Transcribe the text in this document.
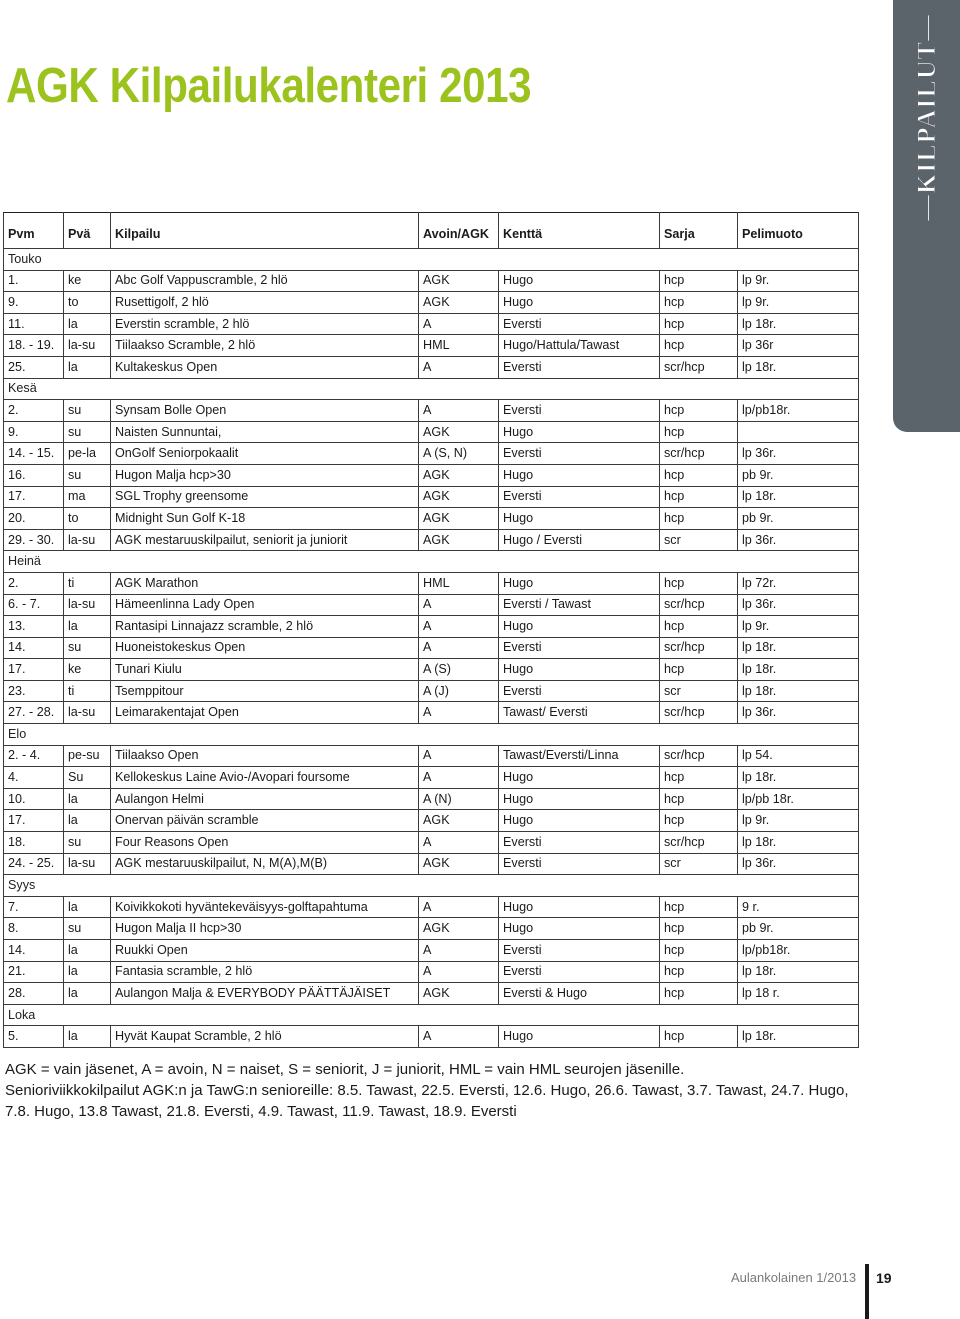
AGK Kilpailukalenteri 2013	—KILPAILUT—
Pvm	Pvä	Kilpailu	Avoin/AGK	Kenttä	Sarja	Pelimuoto
Touko						
1.	ke	Abc Golf Vappuscramble, 2 hlö	AGK	Hugo	hcp	lp 9r.
9.	to	Rusettigolf, 2 hlö	AGK	Hugo	hcp	lp 9r.
11.	la	Everstin scramble, 2 hlö	A	Eversti	hcp	lp 18r.
18. - 19.	la-su	Tiilaakso Scramble, 2 hlö	HML	Hugo/Hattula/Tawast	hcp	lp 36r
25.	la	Kultakeskus Open	A	Eversti	scr/hcp	lp 18r.
Kesä						
2.	su	Synsam Bolle Open	A	Eversti	hcp	lp/pb18r.
9.	su	Naisten Sunnuntai,	AGK	Hugo	hcp	
14. - 15.	pe-la	OnGolf Seniorpokaalit	A (S, N)	Eversti	scr/hcp	lp 36r.
16.	su	Hugon Malja hcp>30	AGK	Hugo	hcp	pb 9r.
17.	ma	SGL Trophy greensome	AGK	Eversti	hcp	lp 18r.
20.	to	Midnight Sun Golf K-18	AGK	Hugo	hcp	pb 9r.
29. - 30.	la-su	AGK mestaruuskilpailut, seniorit ja juniorit	AGK	Hugo / Eversti	scr	lp 36r.
Heinä						
2.	ti	AGK Marathon	HML	Hugo	hcp	lp 72r.
6. - 7.	la-su	Hämeenlinna Lady Open	A	Eversti / Tawast	scr/hcp	lp 36r.
13.	la	Rantasipi Linnajazz scramble, 2 hlö	A	Hugo	hcp	lp 9r.
14.	su	Huoneistokeskus Open	A	Eversti	scr/hcp	lp 18r.
17.	ke	Tunari Kiulu	A (S)	Hugo	hcp	lp 18r.
23.	ti	Tsemppitour	A (J)	Eversti	scr	lp 18r.
27. - 28.	la-su	Leimarakentajat Open	A	Tawast/ Eversti	scr/hcp	lp 36r.
Elo						
2. - 4.	pe-su	Tiilaakso Open	A	Tawast/Eversti/Linna	scr/hcp	lp 54.
4.	Su	Kellokeskus Laine Avio-/Avopari foursome	A	Hugo	hcp	lp 18r.
10.	la	Aulangon Helmi	A (N)	Hugo	hcp	lp/pb 18r.
17.	la	Onervan päivän scramble	AGK	Hugo	hcp	lp 9r.
18.	su	Four Reasons Open	A	Eversti	scr/hcp	lp 18r.
24. - 25.	la-su	AGK mestaruuskilpailut, N, M(A),M(B)	AGK	Eversti	scr	lp 36r.
Syys						
7.	la	Koivikkokoti hyväntekeväisyys-golftapahtuma	A	Hugo	hcp	9 r.
8.	su	Hugon Malja II hcp>30	AGK	Hugo	hcp	pb 9r.
14.	la	Ruukki Open	A	Eversti	hcp	lp/pb18r.
21.	la	Fantasia scramble, 2 hlö	A	Eversti	hcp	lp 18r.
28.	la	Aulangon Malja & EVERYBODY PÄÄTTÄJÄISET	AGK	Eversti & Hugo	hcp	lp 18 r.
Loka						
5.	la	Hyvät Kaupat Scramble, 2 hlö	A	Hugo	hcp	lp 18r.

AGK = vain jäsenet, A = avoin, N = naiset, S = seniorit, J = juniorit, HML = vain HML seurojen jäsenille.

Senioriviikkokilpailut AGK:n ja TawG:n senioreille: 8.5. Tawast, 22.5. Eversti, 12.6. Hugo, 26.6. Tawast, 3.7. Tawast, 24.7. Hugo, 7.8. Hugo, 13.8 Tawast, 21.8. Eversti, 4.9. Tawast, 11.9. Tawast, 18.9. Eversti

Aulankolainen 1/2013 19
